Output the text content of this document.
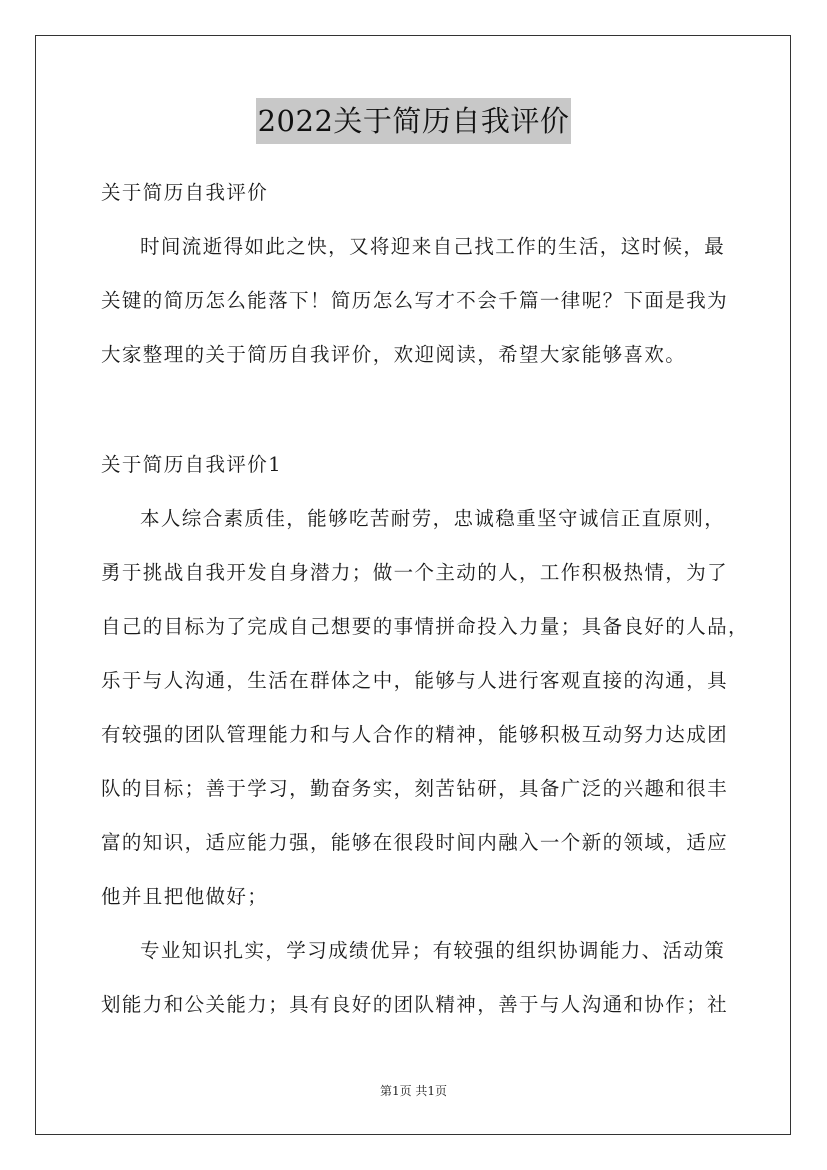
2022关于简历自我评价
关于简历自我评价
时间流逝得如此之快，又将迎来自己找工作的生活，这时候，最
关键的简历怎么能落下！简历怎么写才不会千篇一律呢？下面是我为
大家整理的关于简历自我评价，欢迎阅读，希望大家能够喜欢。
关于简历自我评价1
本人综合素质佳，能够吃苦耐劳，忠诚稳重坚守诚信正直原则，
勇于挑战自我开发自身潜力；做一个主动的人，工作积极热情，为了
自己的目标为了完成自己想要的事情拼命投入力量；具备良好的人品，
乐于与人沟通，生活在群体之中，能够与人进行客观直接的沟通，具
有较强的团队管理能力和与人合作的精神，能够积极互动努力达成团
队的目标；善于学习，勤奋务实，刻苦钻研，具备广泛的兴趣和很丰
富的知识，适应能力强，能够在很段时间内融入一个新的领域，适应
他并且把他做好；
专业知识扎实，学习成绩优异；有较强的组织协调能力、活动策
划能力和公关能力；具有良好的团队精神，善于与人沟通和协作；社
第1页 共1页
